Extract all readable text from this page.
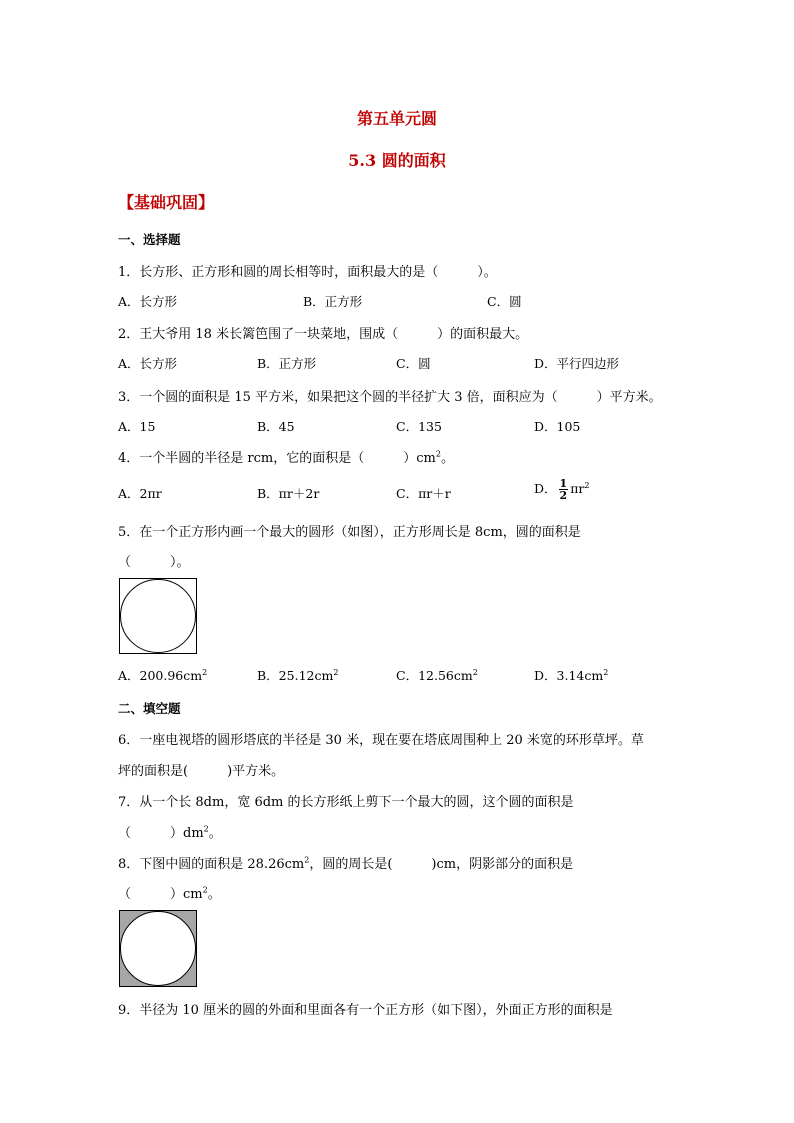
第五单元圆
5.3 圆的面积
【基础巩固】
一、选择题
1．长方形、正方形和圆的周长相等时，面积最大的是（　　　）。
A．长方形	B．正方形	C．圆
2．王大爷用 18 米长篱笆围了一块菜地，围成（　　　）的面积最大。
A．长方形	B．正方形	C．圆	D．平行四边形
3．一个圆的面积是 15 平方米，如果把这个圆的半径扩大 3 倍，面积应为（　　　）平方米。
A．15	B．45	C．135	D．105
4．一个半圆的半径是 rcm，它的面积是（　　　）$cm^2$。
A．2πr	B．πr＋2r	C．πr＋r	D． $\frac{1}{2} \pi r^2$
5．在一个正方形内画一个最大的圆形（如图），正方形周长是 8cm，圆的面积是
（　　　）。
A．$200.96cm^2$	B．$25.12cm^2$	C．$12.56cm^2$	D．$3.14cm^2$
二、填空题
6．一座电视塔的圆形塔底的半径是 30 米，现在要在塔底周围种上 20 米宽的环形草坪。草
坪的面积是(　　　)平方米。
7．从一个长 8dm，宽 6dm 的长方形纸上剪下一个最大的圆，这个圆的面积是
（　　　）$dm^2$。
8．下图中圆的面积是 $28.26cm^2$，圆的周长是(　　　)cm，阴影部分的面积是
（　　　）$cm^2$。
9．半径为 10 厘米的圆的外面和里面各有一个正方形（如下图），外面正方形的面积是
